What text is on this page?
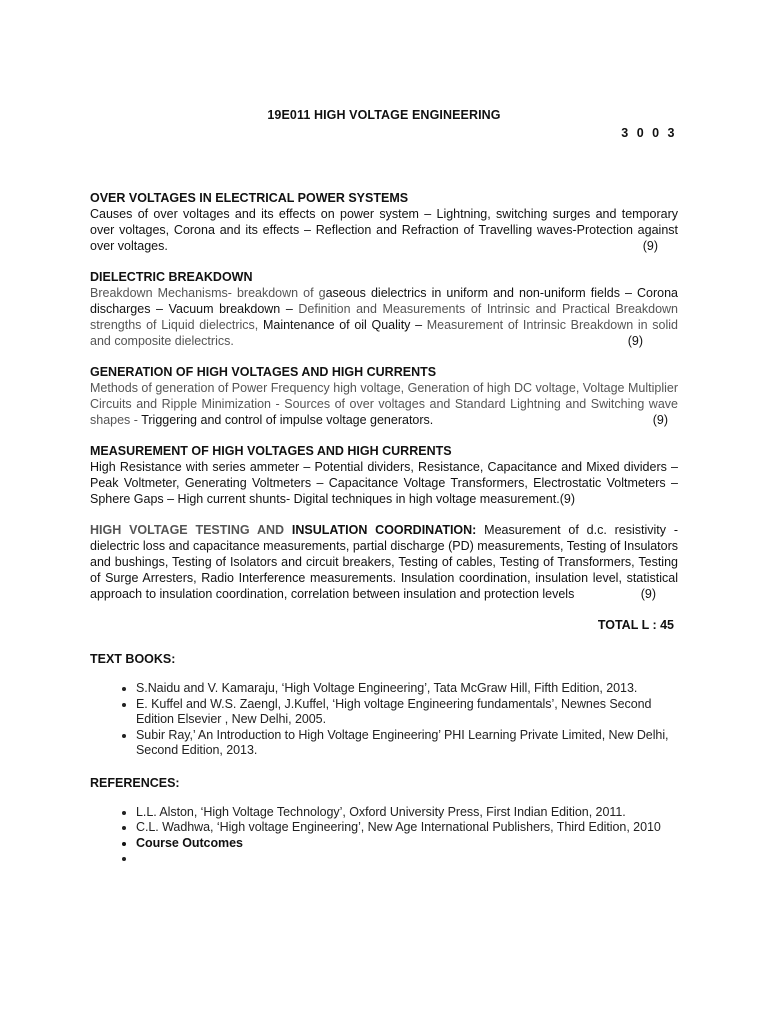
19E011 HIGH VOLTAGE ENGINEERING
3 0 0 3
OVER VOLTAGES IN ELECTRICAL POWER SYSTEMS
Causes of over voltages and its effects on power system – Lightning, switching surges and temporary over voltages, Corona and its effects – Reflection and Refraction of Travelling waves-Protection against over voltages.	(9)
DIELECTRIC BREAKDOWN
Breakdown Mechanisms- breakdown of gaseous dielectrics in uniform and non-uniform fields – Corona discharges – Vacuum breakdown – Definition and Measurements of Intrinsic and Practical Breakdown strengths of Liquid dielectrics, Maintenance of oil Quality – Measurement of Intrinsic Breakdown in solid and composite dielectrics.	(9)
GENERATION OF HIGH VOLTAGES AND HIGH CURRENTS
Methods of generation of Power Frequency high voltage, Generation of high DC voltage, Voltage Multiplier Circuits and Ripple Minimization - Sources of over voltages and Standard Lightning and Switching wave shapes - Triggering and control of impulse voltage generators.	(9)
MEASUREMENT OF HIGH VOLTAGES AND HIGH CURRENTS
High Resistance with series ammeter – Potential dividers, Resistance, Capacitance and Mixed dividers – Peak Voltmeter, Generating Voltmeters – Capacitance Voltage Transformers, Electrostatic Voltmeters – Sphere Gaps – High current shunts- Digital techniques in high voltage measurement.(9)
HIGH VOLTAGE TESTING AND INSULATION COORDINATION: Measurement of d.c. resistivity - dielectric loss and capacitance measurements, partial discharge (PD) measurements, Testing of Insulators and bushings, Testing of Isolators and circuit breakers, Testing of cables, Testing of Transformers, Testing of Surge Arresters, Radio Interference measurements. Insulation coordination, insulation level, statistical approach to insulation coordination, correlation between insulation and protection levels	(9)
TOTAL L : 45
TEXT BOOKS:
• S.Naidu and V. Kamaraju, ‘High Voltage Engineering’, Tata McGraw Hill, Fifth Edition, 2013.
• E. Kuffel and W.S. Zaengl, J.Kuffel, ‘High voltage Engineering fundamentals’, Newnes Second Edition Elsevier , New Delhi, 2005.
• Subir Ray,’ An Introduction to High Voltage Engineering’ PHI Learning Private Limited, New Delhi, Second Edition, 2013.
REFERENCES:
• L.L. Alston, ‘High Voltage Technology’, Oxford University Press, First Indian Edition, 2011.
• C.L. Wadhwa, ‘High voltage Engineering’, New Age International Publishers, Third Edition, 2010
• Course Outcomes
•
